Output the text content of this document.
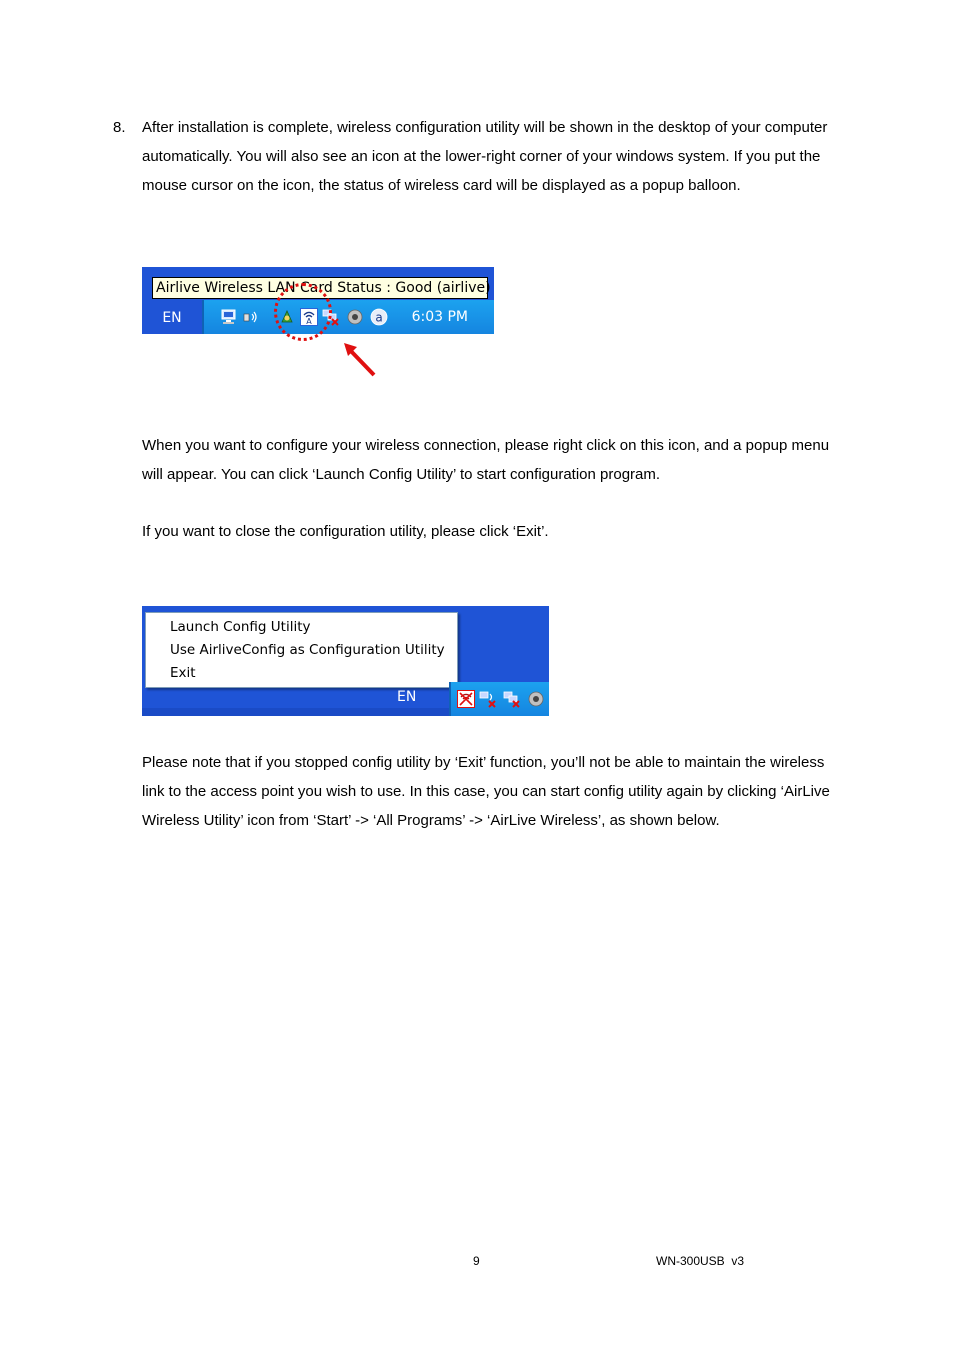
8. After installation is complete, wireless configuration utility will be shown in the desktop of your computer automatically. You will also see an icon at the lower-right corner of your windows system. If you put the mouse cursor on the icon, the status of wireless card will be displayed as a popup balloon.

Airlive Wireless LAN Card Status : Good (airlive)
EN	A	a 6:03 PM

When you want to configure your wireless connection, please right click on this icon, and a popup menu will appear. You can click ‘Launch Config Utility’ to start configuration program.

If you want to close the configuration utility, please click ‘Exit’.

Launch Config Utility
Use AirliveConfig as Configuration Utility
Exit
EN

Please note that if you stopped config utility by ‘Exit’ function, you’ll not be able to maintain the wireless link to the access point you wish to use. In this case, you can start config utility again by clicking ‘AirLive Wireless Utility’ icon from ‘Start’ -> ‘All Programs’ -> ‘AirLive Wireless’, as shown below.

9	WN-300USB  v3
